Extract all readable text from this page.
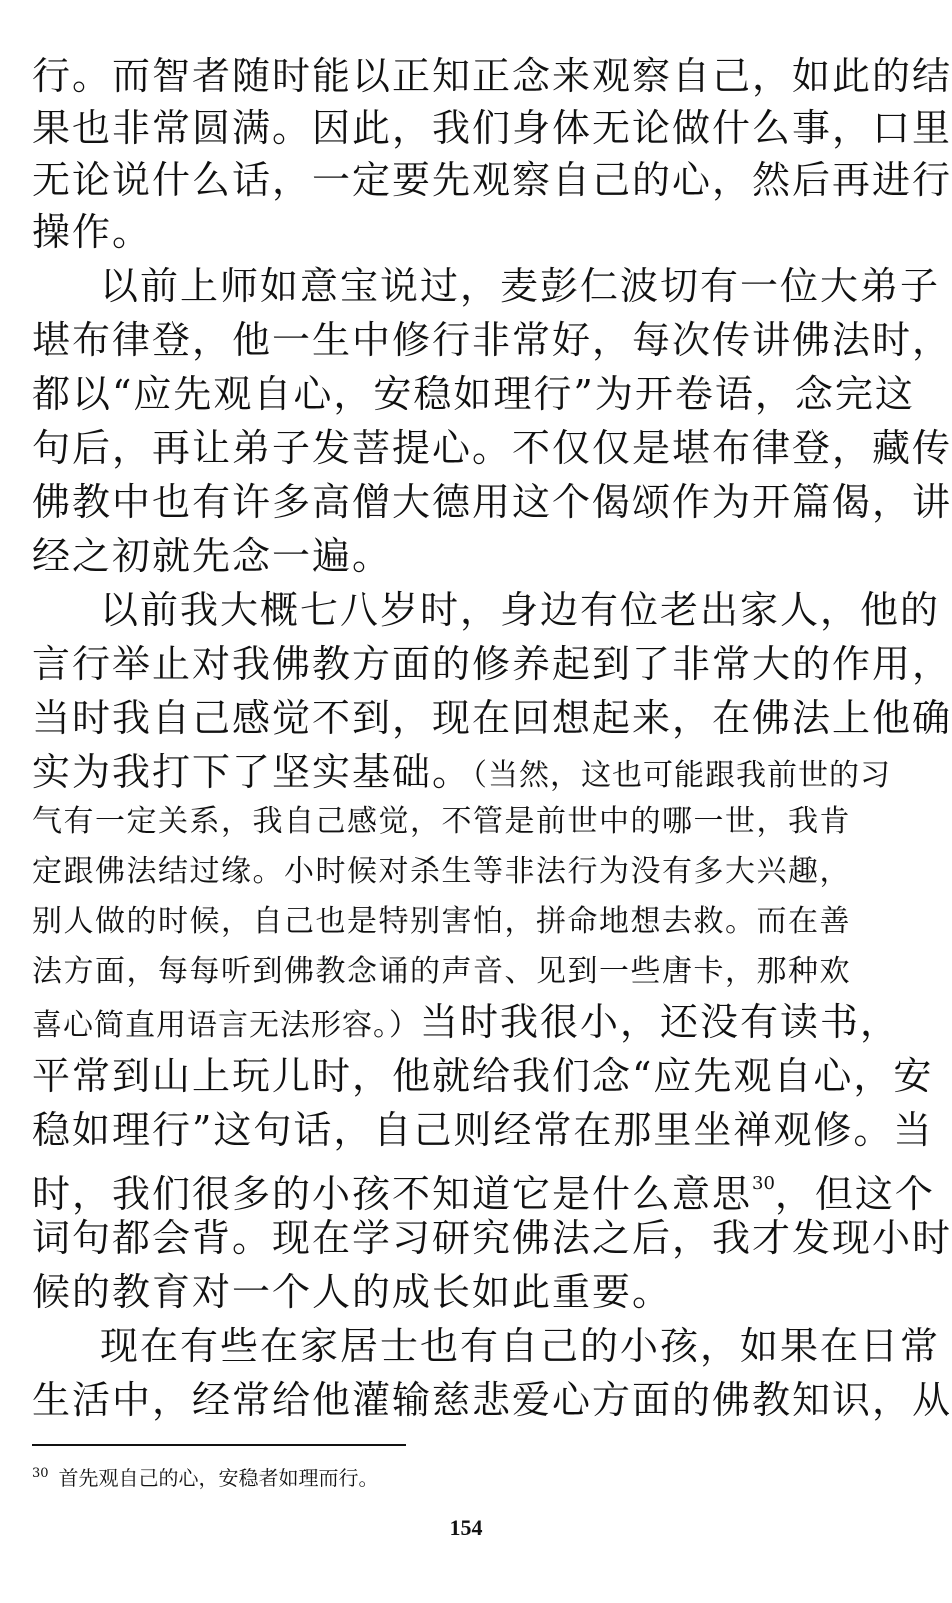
行。而智者随时能以正知正念来观察自己，如此的结
果也非常圆满。因此，我们身体无论做什么事，口里
无论说什么话，一定要先观察自己的心，然后再进行
操作。
以前上师如意宝说过，麦彭仁波切有一位大弟子
堪布律登，他一生中修行非常好，每次传讲佛法时，
都以“应先观自心，安稳如理行”为开卷语，念完这
句后，再让弟子发菩提心。不仅仅是堪布律登，藏传
佛教中也有许多高僧大德用这个偈颂作为开篇偈，讲
经之初就先念一遍。
以前我大概七八岁时，身边有位老出家人，他的
言行举止对我佛教方面的修养起到了非常大的作用，
当时我自己感觉不到，现在回想起来，在佛法上他确
实为我打下了坚实基础。（当然，这也可能跟我前世的习
气有一定关系，我自己感觉，不管是前世中的哪一世，我肯
定跟佛法结过缘。小时候对杀生等非法行为没有多大兴趣，
别人做的时候，自己也是特别害怕，拼命地想去救。而在善
法方面，每每听到佛教念诵的声音、见到一些唐卡，那种欢
喜心简直用语言无法形容。）当时我很小，还没有读书，
平常到山上玩儿时，他就给我们念“应先观自心，安
稳如理行”这句话，自己则经常在那里坐禅观修。当
时，我们很多的小孩不知道它是什么意思$^{30}$，但这个
词句都会背。现在学习研究佛法之后，我才发现小时
候的教育对一个人的成长如此重要。
现在有些在家居士也有自己的小孩，如果在日常
生活中，经常给他灌输慈悲爱心方面的佛教知识，从
$^{30}$ 首先观自己的心，安稳者如理而行。
154
